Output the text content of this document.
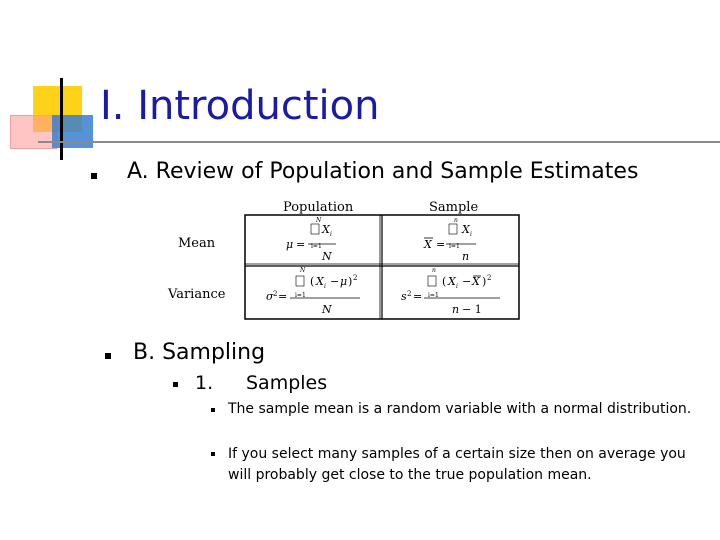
I. Introduction
A. Review of Population and Sample Estimates
Population	Sample
Mean
Variance
N
X i
μ = i=1
N
n
X i
X = i=1
n
N
( X i − μ ) 2
σ 2 = i=1
N
n
( X i − X ) 2
s 2 = i=1
n − 1
B. Sampling
1. Samples
The sample mean is a random variable with a normal distribution.
If you select many samples of a certain size then on average you
will probably get close to the true population mean.
